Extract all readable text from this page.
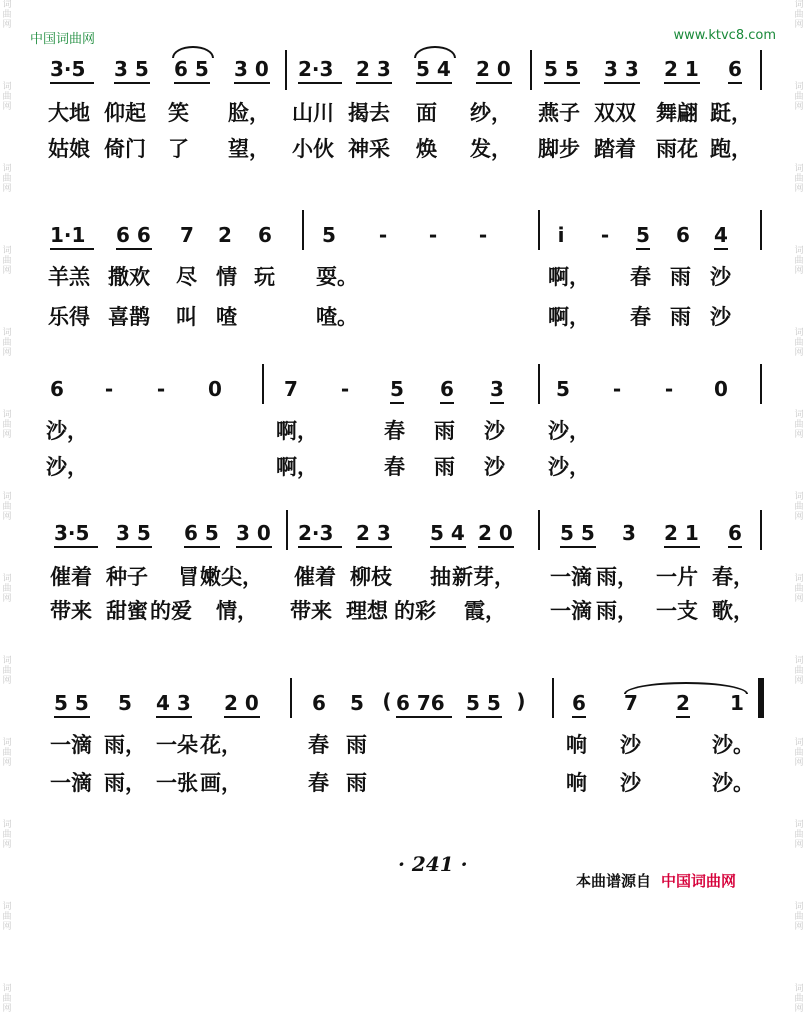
中国词曲网	www.ktvc8.com
词曲网
词曲网
词曲网
词曲网
词曲网
词曲网
词曲网
词曲网
词曲网
词曲网
词曲网
词曲网
词曲网
词曲网
词曲网
词曲网
词曲网
词曲网
词曲网
词曲网
词曲网
词曲网
词曲网
词曲网
词曲网
词曲网
3·5 3 5 6 5 3 0 2·3 2 3 5 4 2 0 5 5 3 3 2 1 6
大地 仰起 笑 脸， 山川 揭去 面 纱， 燕子 双双 舞翩 跹，
姑娘 倚门 了 望， 小伙 神采 焕 发， 脚步 踏着 雨花 跑，
1·1 6 6 7 2 6	5 - - -	i - 5 6 4
羊羔 撒欢 尽 情 玩 耍。	啊， 春 雨 沙
乐得 喜鹊 叫 喳	喳。	啊， 春 雨 沙
6 - - 0	7 - 5 6 3	5 - - 0
沙，	啊，	春 雨 沙 沙，
沙，	啊，	春 雨 沙 沙，
3·5 3 5 6 5 3 0 2·3 2 3 5 4 2 0 5 5 3 2 1 6
催着 种子 冒 嫩尖， 催着 柳枝 抽 新芽， 一滴 雨， 一片 春，
带来 甜蜜 的爱 情， 带来 理想 的彩 霞， 一滴 雨， 一支 歌，
5 5 5 4 3 2 0	6 5 6 76 5 5
(	) 6 7 2 1
一滴 雨， 一朵 花，	春 雨	响 沙	沙。
一滴 雨， 一张 画，	春 雨	响 沙	沙。
· 241 ·
本曲谱源自 中国词曲网
